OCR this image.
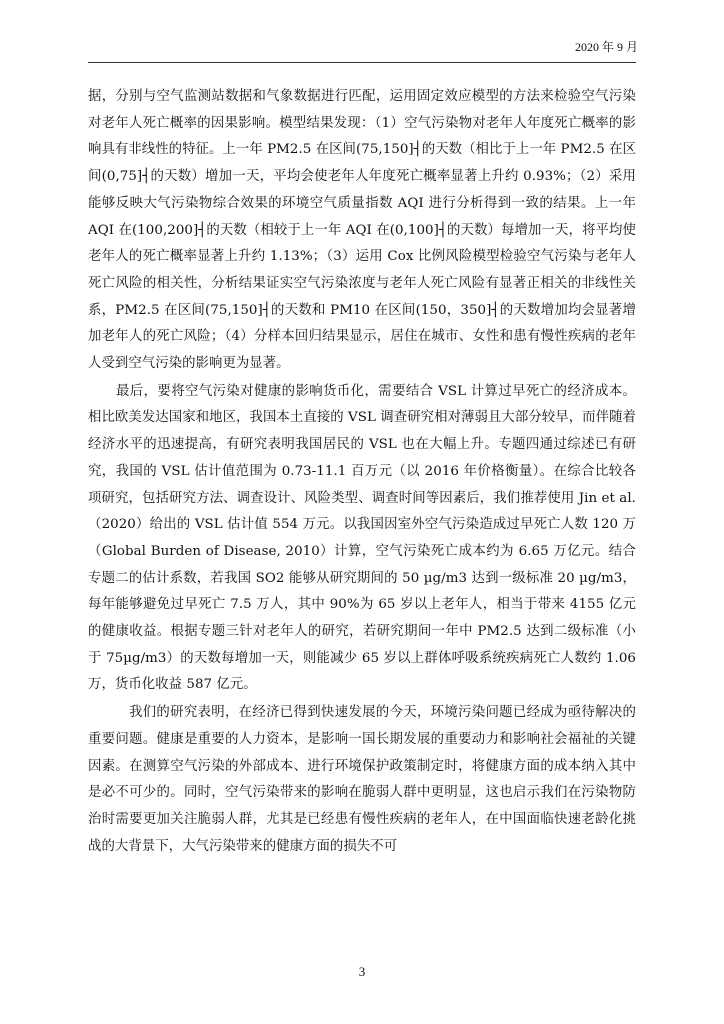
2020 年 9 月

据，分别与空气监测站数据和气象数据进行匹配，运用固定效应模型的方法来检验空气污染对老年人死亡概率的因果影响。模型结果发现：（1）空气污染物对老年人年度死亡概率的影响具有非线性的特征。上一年 PM2.5 在区间(75,150]┤的天数（相比于上一年 PM2.5 在区间(0,75]┤的天数）增加一天，平均会使老年人年度死亡概率显著上升约 0.93%；（2）采用能够反映大气污染物综合效果的环境空气质量指数 AQI 进行分析得到一致的结果。上一年 AQI 在(100,200]┤的天数（相较于上一年 AQI 在(0,100]┤的天数）每增加一天，将平均使老年人的死亡概率显著上升约 1.13%；（3）运用 Cox 比例风险模型检验空气污染与老年人死亡风险的相关性，分析结果证实空气污染浓度与老年人死亡风险有显著正相关的非线性关系，PM2.5 在区间(75,150]┤的天数和 PM10 在区间(150，350]┤的天数增加均会显著增加老年人的死亡风险；（4）分样本回归结果显示，居住在城市、女性和患有慢性疾病的老年人受到空气污染的影响更为显著。

最后，要将空气污染对健康的影响货币化，需要结合 VSL 计算过早死亡的经济成本。相比欧美发达国家和地区，我国本土直接的 VSL 调查研究相对薄弱且大部分较早，而伴随着经济水平的迅速提高，有研究表明我国居民的 VSL 也在大幅上升。专题四通过综述已有研究，我国的 VSL 估计值范围为 0.73-11.1 百万元（以 2016 年价格衡量）。在综合比较各项研究，包括研究方法、调查设计、风险类型、调查时间等因素后，我们推荐使用 Jin et al.（2020）给出的 VSL 估计值 554 万元。以我国因室外空气污染造成过早死亡人数 120 万（Global Burden of Disease, 2010）计算，空气污染死亡成本约为 6.65 万亿元。结合专题二的估计系数，若我国 SO2 能够从研究期间的 50 µg/m3 达到一级标准 20 µg/m3，每年能够避免过早死亡 7.5 万人，其中 90%为 65 岁以上老年人，相当于带来 4155 亿元的健康收益。根据专题三针对老年人的研究，若研究期间一年中 PM2.5 达到二级标准（小于 75µg/m3）的天数每增加一天，则能减少 65 岁以上群体呼吸系统疾病死亡人数约 1.06 万，货币化收益 587 亿元。

我们的研究表明，在经济已得到快速发展的今天，环境污染问题已经成为亟待解决的重要问题。健康是重要的人力资本，是影响一国长期发展的重要动力和影响社会福祉的关键因素。在测算空气污染的外部成本、进行环境保护政策制定时，将健康方面的成本纳入其中是必不可少的。同时，空气污染带来的影响在脆弱人群中更明显，这也启示我们在污染物防治时需要更加关注脆弱人群，尤其是已经患有慢性疾病的老年人，在中国面临快速老龄化挑战的大背景下，大气污染带来的健康方面的损失不可

3
